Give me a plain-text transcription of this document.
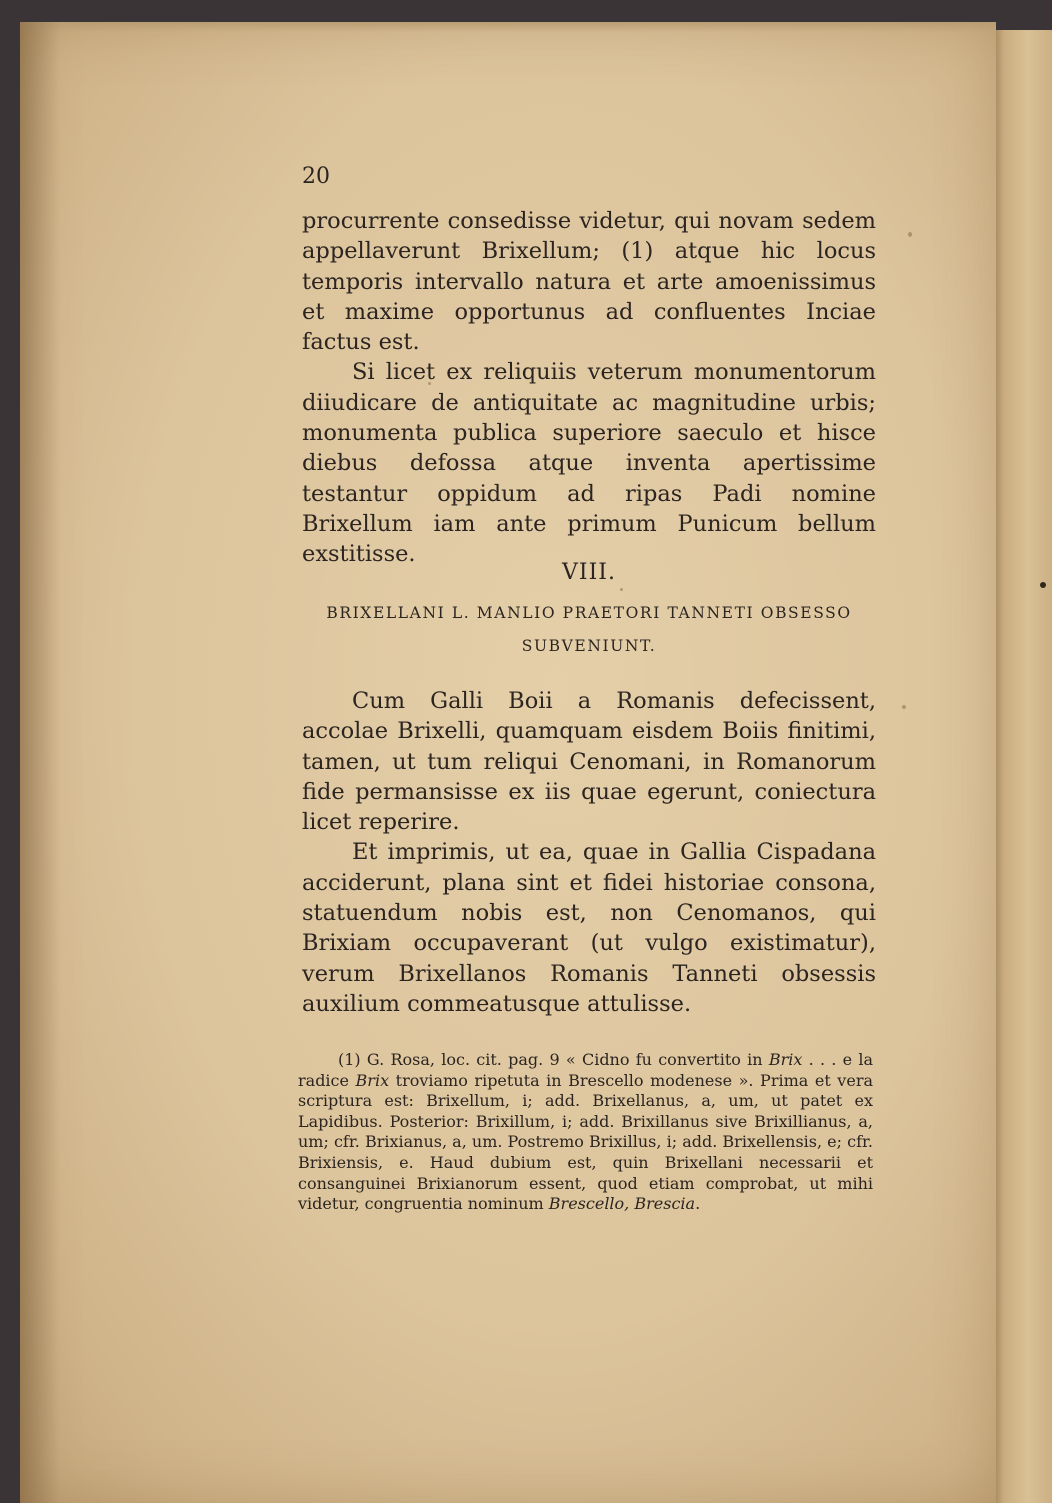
20

procurrente consedisse videtur, qui novam sedem appellaverunt Brixellum; (1) atque hic locus temporis intervallo natura et arte amoenissimus et maxime opportunus ad confluentes Inciae factus est.

Si licet ex reliquiis veterum monumentorum diiudicare de antiquitate ac magnitudine urbis; monumenta publica superiore saeculo et hisce diebus defossa atque inventa apertissime testantur oppidum ad ripas Padi nomine Brixellum iam ante primum Punicum bellum exstitisse.

VIII.
BRIXELLANI L. MANLIO PRAETORI TANNETI OBSESSO
SUBVENIUNT.

Cum Galli Boii a Romanis defecissent, accolae Brixelli, quamquam eisdem Boiis finitimi, tamen, ut tum reliqui Cenomani, in Romanorum fide permansisse ex iis quae egerunt, coniectura licet reperire.

Et imprimis, ut ea, quae in Gallia Cispadana acciderunt, plana sint et fidei historiae consona, statuendum nobis est, non Cenomanos, qui Brixiam occupaverant (ut vulgo existimatur), verum Brixellanos Romanis Tanneti obsessis auxilium commeatusque attulisse.

(1) G. Rosa, loc. cit. pag. 9 « Cidno fu convertito in Brix . . . e la radice Brix troviamo ripetuta in Brescello modenese ». Prima et vera scriptura est: Brixellum, i; add. Brixellanus, a, um, ut patet ex Lapidibus. Posterior: Brixillum, i; add. Brixillanus sive Brixillianus, a, um; cfr. Brixianus, a, um. Postremo Brixillus, i; add. Brixellensis, e; cfr. Brixiensis, e. Haud dubium est, quin Brixellani necessarii et consanguinei Brixianorum essent, quod etiam comprobat, ut mihi videtur, congruentia nominum Brescello, Brescia.
